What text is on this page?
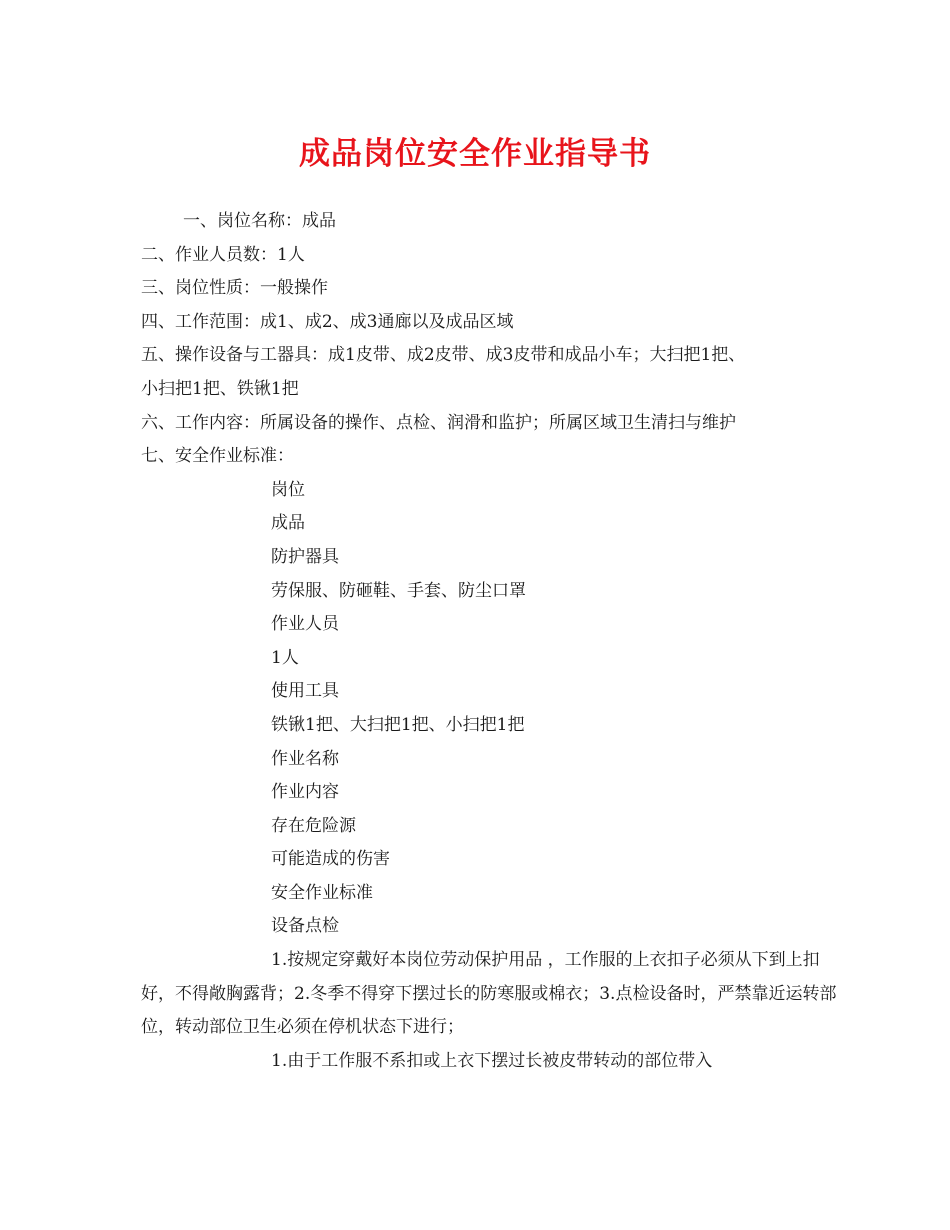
成品岗位安全作业指导书

一、岗位名称：成品

二、作业人员数：1人

三、岗位性质：一般操作

四、工作范围：成1、成2、成3通廊以及成品区域

五、操作设备与工器具：成1皮带、成2皮带、成3皮带和成品小车；大扫把1把、

小扫把1把、铁锹1把

六、工作内容：所属设备的操作、点检、润滑和监护；所属区域卫生清扫与维护

七、安全作业标准：

岗位

成品

防护器具

劳保服、防砸鞋、手套、防尘口罩

作业人员

1人

使用工具

铁锹1把、大扫把1把、小扫把1把

作业名称

作业内容

存在危险源

可能造成的伤害

安全作业标准

设备点检

1.按规定穿戴好本岗位劳动保护用品 ，工作服的上衣扣子必须从下到上扣好，不得敞胸露背；2.冬季不得穿下摆过长的防寒服或棉衣；3.点检设备时，严禁靠近运转部位，转动部位卫生必须在停机状态下进行；

1.由于工作服不系扣或上衣下摆过长被皮带转动的部位带入
